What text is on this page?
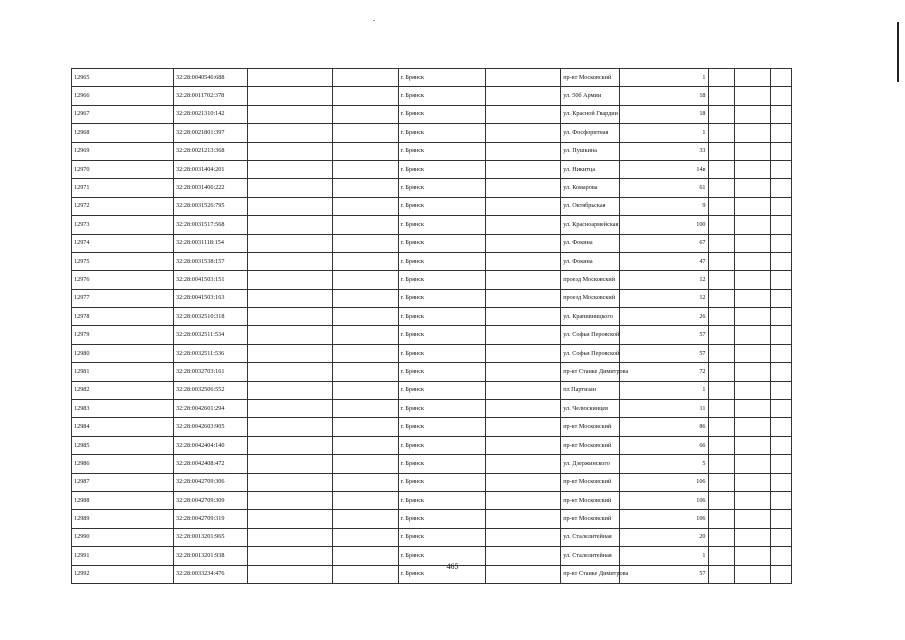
12965	32:28:0040546:688			г. Брянск		пр-кт Московский	1			
12966	32:28:0011702:378			г. Брянск		ул. 50б Армии	18			
12967	32:28:0021310:142			г. Брянск		ул. Красной Гвардии	18			
12968	32:28:0021801:397			г. Брянск		ул. Фосфоритная	1			
12969	32:28:0021213:368			г. Брянск		ул. Пушкина	33			
12970	32:28:0031404:201			г. Брянск		ул. Никитца	14в			
12971	32:28:0031406:222			г. Брянск		ул. Комарова	61			
12972	32:28:0031526:795			г. Брянск		ул. Октябрьская	9			
12973	32:28:0031517:568			г. Брянск		ул. Красноармейская	100			
12974	32:28:0031118:154			г. Брянск		ул. Фокина	67			
12975	32:28:0031538:157			г. Брянск		ул. Фокина	47			
12976	32:28:0041503:151			г. Брянск		проезд Московский	12			
12977	32:28:0041503:163			г. Брянск		проезд Московский	12			
12978	32:28:0032510:318			г. Брянск		ул. Крапивницкого	26			
12979	32:28:0032511:534			г. Брянск		ул. Софьи Перовской	57			
12980	32:28:0032511:536			г. Брянск		ул. Софьи Перовской	57			
12981	32:28:0032703:161			г. Брянск		пр-кт Станке Димитрова	72			
12982	32:28:0032506:552			г. Брянск		пл Партизан	1			
12983	32:28:0042601:294			г. Брянск		ул. Челюскинцев	11			
12984	32:28:0042603:905			г. Брянск		пр-кт Московский	86			
12985	32:28:0042404:140			г. Брянск		пр-кт Московский	66			
12986	32:28:0042408:472			г. Брянск		ул. Дзержинского	5			
12987	32:28:0042709:306			г. Брянск		пр-кт Московский	106			
12988	32:28:0042709:309			г. Брянск		пр-кт Московский	106			
12989	32:28:0042709:319			г. Брянск		пр-кт Московский	106			
12990	32:28:0013201:965			г. Брянск		ул. Сталелитейная	20			
12991	32:28:0013201:938			г. Брянск		ул. Сталелитейная	1			
12992	32:28:0033234:476			г. Брянск		пр-кт Станке Димитрова	57			
465
